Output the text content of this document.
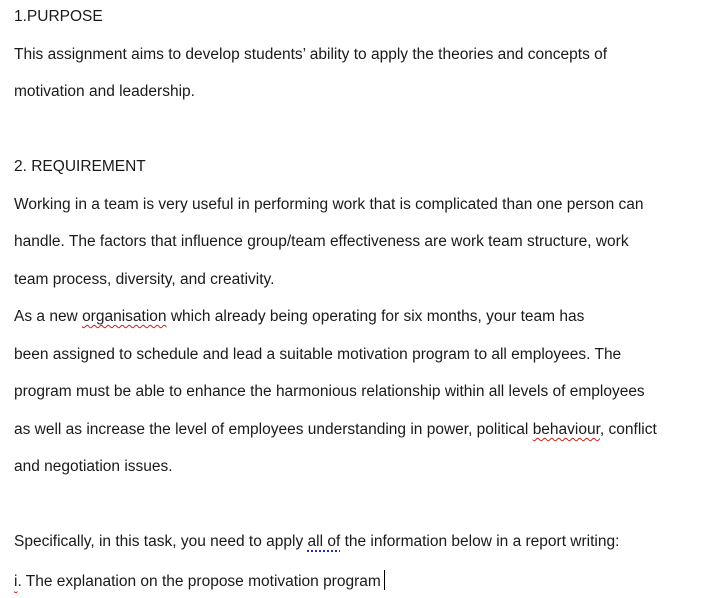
1.PURPOSE
This assignment aims to develop students’ ability to apply the theories and concepts of
motivation and leadership.
2. REQUIREMENT
Working in a team is very useful in performing work that is complicated than one person can
handle. The factors that influence group/team effectiveness are work team structure, work
team process, diversity, and creativity.
As a new organisation which already being operating for six months, your team has
been assigned to schedule and lead a suitable motivation program to all employees. The
program must be able to enhance the harmonious relationship within all levels of employees
as well as increase the level of employees understanding in power, political behaviour, conflict
and negotiation issues.
Specifically, in this task, you need to apply all of the information below in a report writing:
i. The explanation on the propose motivation program
